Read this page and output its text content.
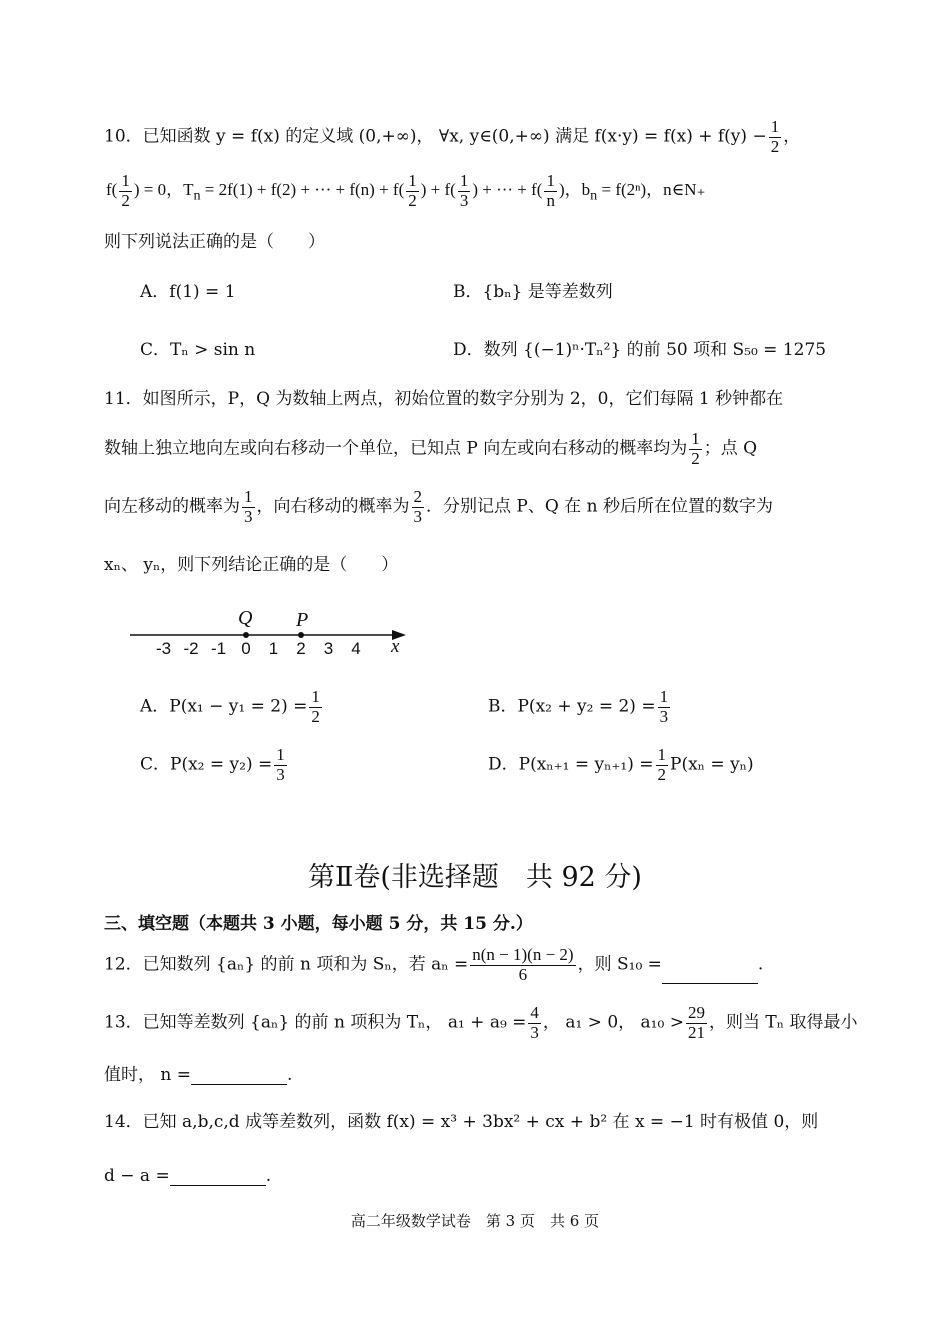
10．已知函数 y = f(x) 的定义域 (0,+∞)， ∀x, y∈(0,+∞) 满足 $f(x\cdot y) = f(x) + f(y) - \frac{1}{2}$ ，
$f( \frac{1}{2}$ ) = 0，$T_n = 2f(1) + f(2)$ + ··· + $f(n) + f( \frac{1}{2}$ ) + $f( \frac{1}{3}$ ) + ··· + $f( \frac{1}{n}$ )，$b_n = f(2^n)$，n∈N₊
则下列说法正确的是（　　）
A．f(1) = 1	B．{bₙ} 是等差数列
C．Tₙ > sin n	D．数列 {(−1)ⁿ·Tₙ²} 的前 50 项和 S₅₀ = 1275
11．如图所示，P，Q 为数轴上两点，初始位置的数字分别为 2，0，它们每隔 1 秒钟都在
数轴上独立地向左或向右移动一个单位，已知点 P 向左或向右移动的概率均为 $\frac{1}{2}$ ；点 Q
向左移动的概率为 $\frac{1}{3}$ ，向右移动的概率为 $\frac{2}{3}$ ．分别记点 P、Q 在 n 秒后所在位置的数字为
xₙ、 yₙ，则下列结论正确的是（　　）
Q P
-3 -2 -1 0 1 2 3 4 x
A．$P(x_1 - y_1 = 2) = \frac{1}{2}$	B．$P(x_2 + y_2 = 2) = \frac{1}{3}$
C．$P(x_2 = y_2) = \frac{1}{3}$	D．$P(x_{n+1} = y_{n+1}) = \frac{1}{2} P(x_n = y_n)$
第Ⅱ卷(非选择题　共 92 分)
三、填空题（本题共 3 小题，每小题 5 分，共 15 分.）
12．已知数列 {aₙ} 的前 n 项和为 Sₙ，若 $a_n = \frac{n(n - 1)(n - 2)}{6}$ ，则 S₁₀ =	.
13．已知等差数列 {aₙ} 的前 n 项积为 Tₙ， $a_1 + a_9 = \frac{4}{3}$ ， a₁ > 0， $a_{10} > \frac{29}{21}$ ，则当 Tₙ 取得最小
值时， n =	.
14．已知 a,b,c,d 成等差数列，函数 f(x) = x³ + 3bx² + cx + b² 在 x = −1 时有极值 0，则
d − a =	.
高二年级数学试卷　第 3 页　共 6 页
